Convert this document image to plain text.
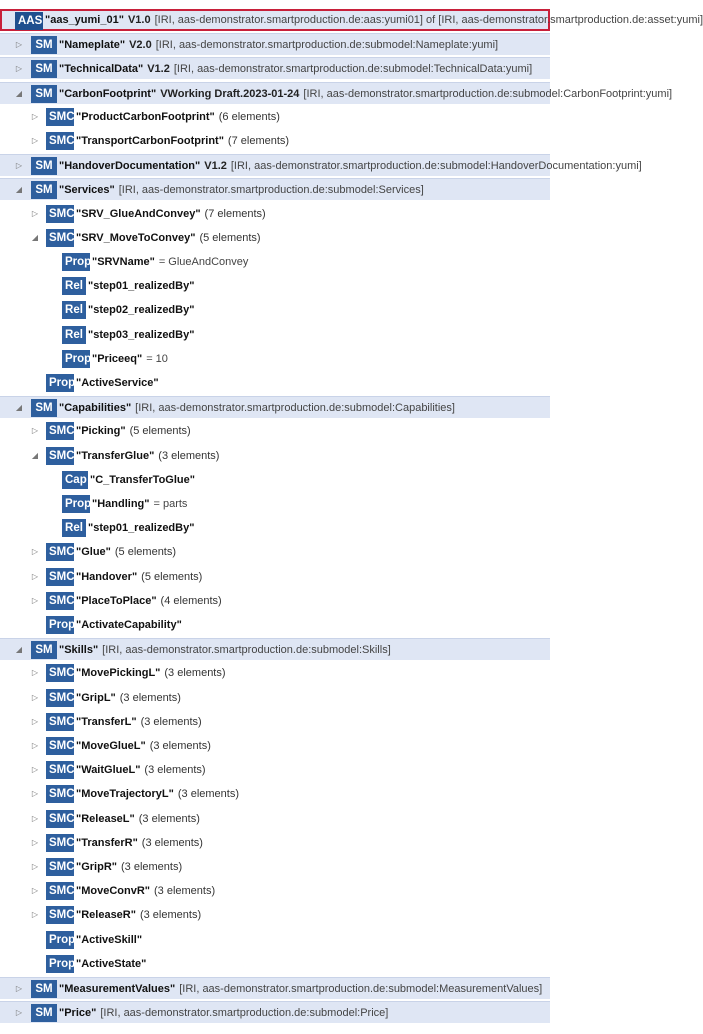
AAS "aas_yumi_01" V1.0 [IRI, aas-demonstrator.smartproduction.de:aas:yumi01] of [IRI, aas-demonstrator.smartproduction.de:asset:yumi]
▷	SM "Nameplate" V2.0 [IRI, aas-demonstrator.smartproduction.de:submodel:Nameplate:yumi]
▷	SM "TechnicalData" V1.2 [IRI, aas-demonstrator.smartproduction.de:submodel:TechnicalData:yumi]
◢	SM "CarbonFootprint" VWorking Draft.2023-01-24 [IRI, aas-demonstrator.smartproduction.de:submodel:CarbonFootprint:yumi]
▷ SMC "ProductCarbonFootprint" (6 elements)
▷ SMC "TransportCarbonFootprint" (7 elements)
▷	SM "HandoverDocumentation" V1.2 [IRI, aas-demonstrator.smartproduction.de:submodel:HandoverDocumentation:yumi]
◢	SM "Services" [IRI, aas-demonstrator.smartproduction.de:submodel:Services]
▷ SMC "SRV_GlueAndConvey" (7 elements)
◢ SMC "SRV_MoveToConvey" (5 elements)
Prop "SRVName" = GlueAndConvey
Rel "step01_realizedBy"
Rel "step02_realizedBy"
Rel "step03_realizedBy"
Prop "Priceeq" = 10
Prop "ActiveService"
◢	SM "Capabilities" [IRI, aas-demonstrator.smartproduction.de:submodel:Capabilities]
▷ SMC "Picking" (5 elements)
◢ SMC "TransferGlue" (3 elements)
Cap "C_TransferToGlue"
Prop "Handling" = parts
Rel "step01_realizedBy"
▷ SMC "Glue" (5 elements)
▷ SMC "Handover" (5 elements)
▷ SMC "PlaceToPlace" (4 elements)
Prop "ActivateCapability"
◢	SM "Skills" [IRI, aas-demonstrator.smartproduction.de:submodel:Skills]
▷ SMC "MovePickingL" (3 elements)
▷ SMC "GripL" (3 elements)
▷ SMC "TransferL" (3 elements)
▷ SMC "MoveGlueL" (3 elements)
▷ SMC "WaitGlueL" (3 elements)
▷ SMC "MoveTrajectoryL" (3 elements)
▷ SMC "ReleaseL" (3 elements)
▷ SMC "TransferR" (3 elements)
▷ SMC "GripR" (3 elements)
▷ SMC "MoveConvR" (3 elements)
▷ SMC "ReleaseR" (3 elements)
Prop "ActiveSkill"
Prop "ActiveState"
▷	SM "MeasurementValues" [IRI, aas-demonstrator.smartproduction.de:submodel:MeasurementValues]
▷	SM "Price" [IRI, aas-demonstrator.smartproduction.de:submodel:Price]
